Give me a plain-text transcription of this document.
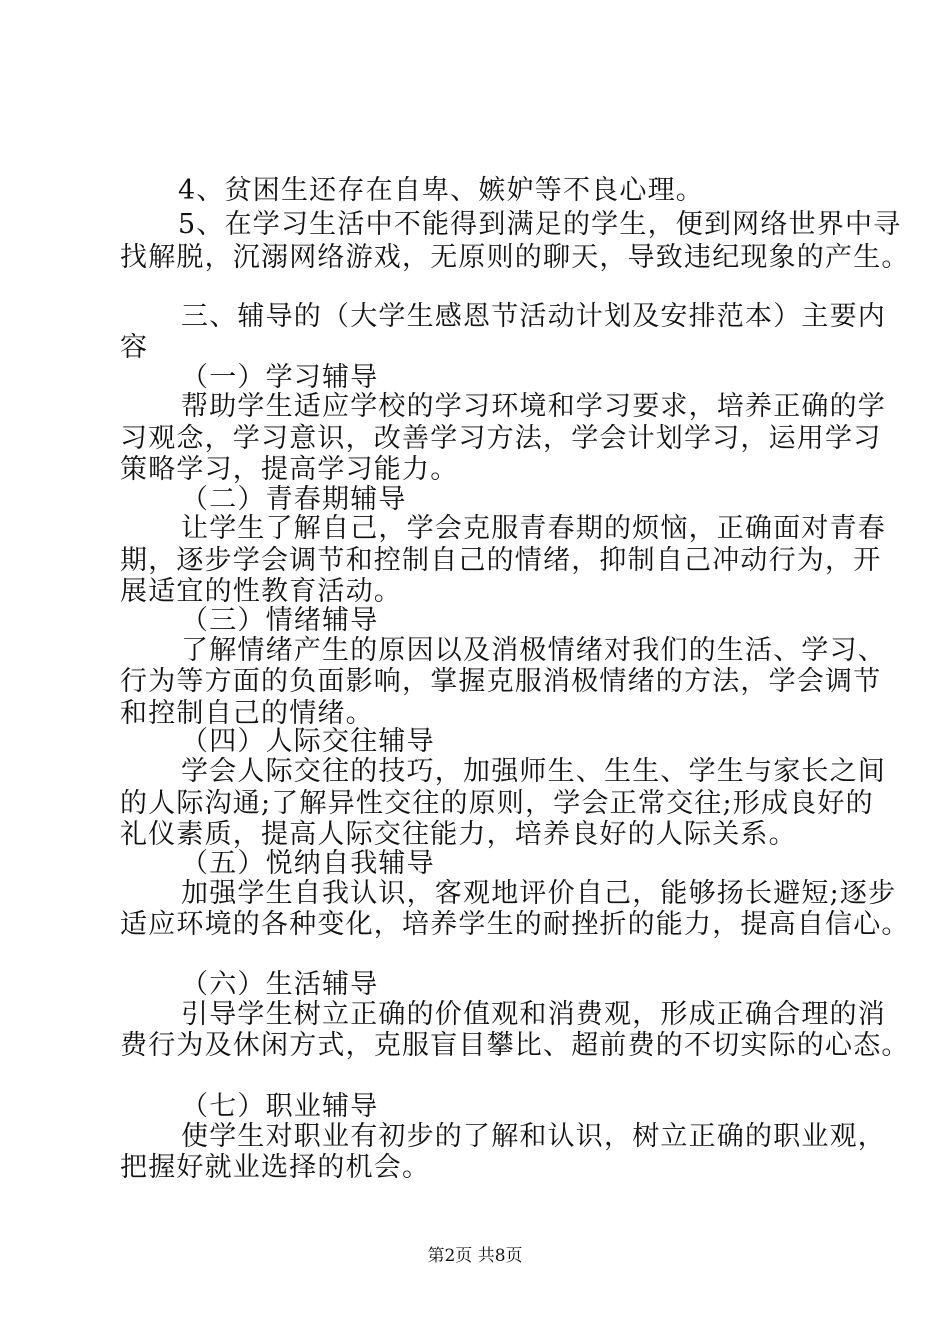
4、贫困生还存在自卑、嫉妒等不良心理。
5、在学习生活中不能得到满足的学生，便到网络世界中寻
找解脱，沉溺网络游戏，无原则的聊天，导致违纪现象的产生。
三、辅导的（大学生感恩节活动计划及安排范本）主要内
容
（一）学习辅导
帮助学生适应学校的学习环境和学习要求，培养正确的学
习观念，学习意识，改善学习方法，学会计划学习，运用学习
策略学习，提高学习能力。
（二）青春期辅导
让学生了解自己，学会克服青春期的烦恼，正确面对青春
期，逐步学会调节和控制自己的情绪，抑制自己冲动行为，开
展适宜的性教育活动。
（三）情绪辅导
了解情绪产生的原因以及消极情绪对我们的生活、学习、
行为等方面的负面影响，掌握克服消极情绪的方法，学会调节
和控制自己的情绪。
（四）人际交往辅导
学会人际交往的技巧，加强师生、生生、学生与家长之间
的人际沟通;了解异性交往的原则，学会正常交往;形成良好的
礼仪素质，提高人际交往能力，培养良好的人际关系。
（五）悦纳自我辅导
加强学生自我认识，客观地评价自己，能够扬长避短;逐步
适应环境的各种变化，培养学生的耐挫折的能力，提高自信心。
（六）生活辅导
引导学生树立正确的价值观和消费观，形成正确合理的消
费行为及休闲方式，克服盲目攀比、超前费的不切实际的心态。
（七）职业辅导
使学生对职业有初步的了解和认识，树立正确的职业观，
把握好就业选择的机会。
第2页 共8页
